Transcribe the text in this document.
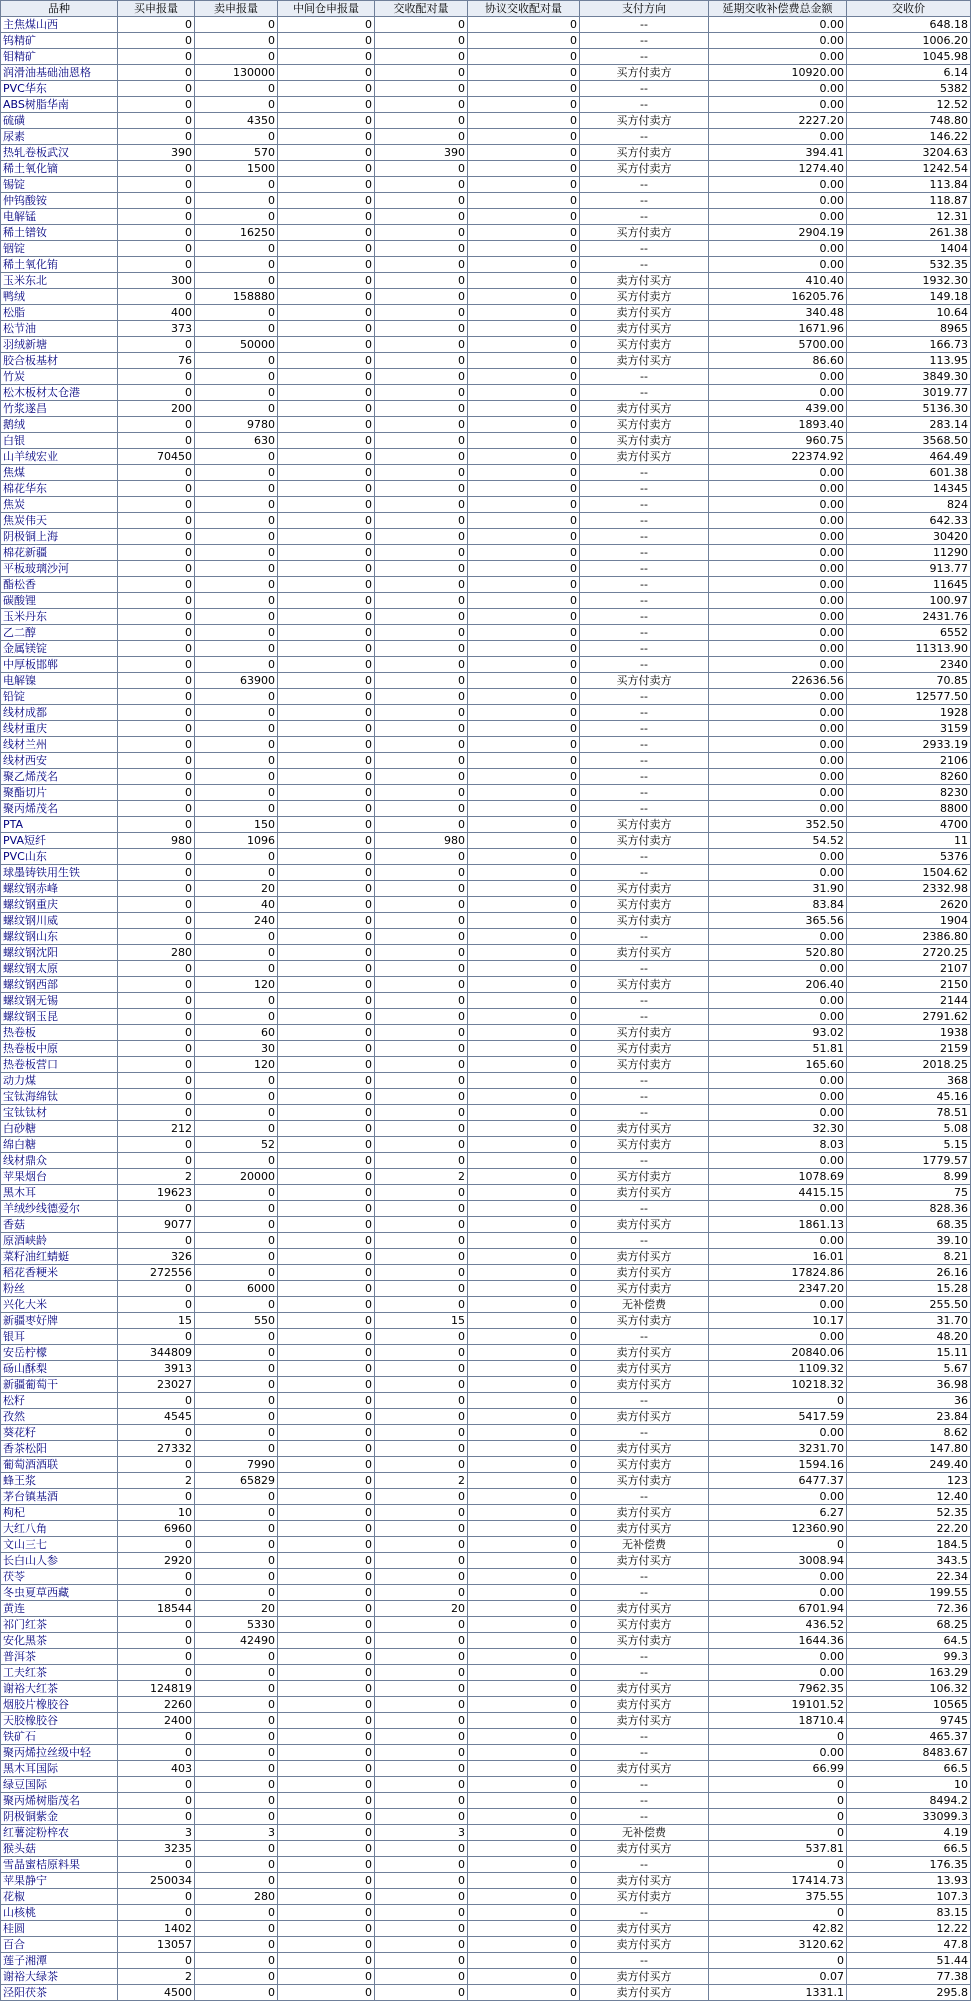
品种	买申报量	卖申报量	中间仓申报量	交收配对量	协议交收配对量	支付方向	延期交收补偿费总金额	交收价
主焦煤山西	0	0	0	0	0	--	0.00	648.18
钨精矿	0	0	0	0	0	--	0.00	1006.20
钼精矿	0	0	0	0	0	--	0.00	1045.98
润滑油基础油恩格	0	130000	0	0	0	买方付卖方	10920.00	6.14
PVC华东	0	0	0	0	0	--	0.00	5382
ABS树脂华南	0	0	0	0	0	--	0.00	12.52
硫磺	0	4350	0	0	0	买方付卖方	2227.20	748.80
尿素	0	0	0	0	0	--	0.00	146.22
热轧卷板武汉	390	570	0	390	0	买方付卖方	394.41	3204.63
稀土氧化镝	0	1500	0	0	0	买方付卖方	1274.40	1242.54
锡锭	0	0	0	0	0	--	0.00	113.84
仲钨酸铵	0	0	0	0	0	--	0.00	118.87
电解锰	0	0	0	0	0	--	0.00	12.31
稀土镨钕	0	16250	0	0	0	买方付卖方	2904.19	261.38
铟锭	0	0	0	0	0	--	0.00	1404
稀土氧化铕	0	0	0	0	0	--	0.00	532.35
玉米东北	300	0	0	0	0	卖方付买方	410.40	1932.30
鸭绒	0	158880	0	0	0	买方付卖方	16205.76	149.18
松脂	400	0	0	0	0	卖方付买方	340.48	10.64
松节油	373	0	0	0	0	卖方付买方	1671.96	8965
羽绒新塘	0	50000	0	0	0	买方付卖方	5700.00	166.73
胶合板基材	76	0	0	0	0	卖方付买方	86.60	113.95
竹炭	0	0	0	0	0	--	0.00	3849.30
松木板材太仓港	0	0	0	0	0	--	0.00	3019.77
竹浆遂昌	200	0	0	0	0	卖方付买方	439.00	5136.30
鹅绒	0	9780	0	0	0	买方付卖方	1893.40	283.14
白银	0	630	0	0	0	买方付卖方	960.75	3568.50
山羊绒宏业	70450	0	0	0	0	卖方付买方	22374.92	464.49
焦煤	0	0	0	0	0	--	0.00	601.38
棉花华东	0	0	0	0	0	--	0.00	14345
焦炭	0	0	0	0	0	--	0.00	824
焦炭伟天	0	0	0	0	0	--	0.00	642.33
阴极铜上海	0	0	0	0	0	--	0.00	30420
棉花新疆	0	0	0	0	0	--	0.00	11290
平板玻璃沙河	0	0	0	0	0	--	0.00	913.77
酯松香	0	0	0	0	0	--	0.00	11645
碳酸锂	0	0	0	0	0	--	0.00	100.97
玉米丹东	0	0	0	0	0	--	0.00	2431.76
乙二醇	0	0	0	0	0	--	0.00	6552
金属镁锭	0	0	0	0	0	--	0.00	11313.90
中厚板邯郸	0	0	0	0	0	--	0.00	2340
电解镍	0	63900	0	0	0	买方付卖方	22636.56	70.85
铅锭	0	0	0	0	0	--	0.00	12577.50
线材成都	0	0	0	0	0	--	0.00	1928
线材重庆	0	0	0	0	0	--	0.00	3159
线材兰州	0	0	0	0	0	--	0.00	2933.19
线材西安	0	0	0	0	0	--	0.00	2106
聚乙烯茂名	0	0	0	0	0	--	0.00	8260
聚酯切片	0	0	0	0	0	--	0.00	8230
聚丙烯茂名	0	0	0	0	0	--	0.00	8800
PTA	0	150	0	0	0	买方付卖方	352.50	4700
PVA短纤	980	1096	0	980	0	买方付卖方	54.52	11
PVC山东	0	0	0	0	0	--	0.00	5376
球墨铸铁用生铁	0	0	0	0	0	--	0.00	1504.62
螺纹钢赤峰	0	20	0	0	0	买方付卖方	31.90	2332.98
螺纹钢重庆	0	40	0	0	0	买方付卖方	83.84	2620
螺纹钢川威	0	240	0	0	0	买方付卖方	365.56	1904
螺纹钢山东	0	0	0	0	0	--	0.00	2386.80
螺纹钢沈阳	280	0	0	0	0	卖方付买方	520.80	2720.25
螺纹钢太原	0	0	0	0	0	--	0.00	2107
螺纹钢西部	0	120	0	0	0	买方付卖方	206.40	2150
螺纹钢无锡	0	0	0	0	0	--	0.00	2144
螺纹钢玉昆	0	0	0	0	0	--	0.00	2791.62
热卷板	0	60	0	0	0	买方付卖方	93.02	1938
热卷板中原	0	30	0	0	0	买方付卖方	51.81	2159
热卷板营口	0	120	0	0	0	买方付卖方	165.60	2018.25
动力煤	0	0	0	0	0	--	0.00	368
宝钛海绵钛	0	0	0	0	0	--	0.00	45.16
宝钛钛材	0	0	0	0	0	--	0.00	78.51
白砂糖	212	0	0	0	0	卖方付买方	32.30	5.08
绵白糖	0	52	0	0	0	买方付卖方	8.03	5.15
线材鼎众	0	0	0	0	0	--	0.00	1779.57
苹果烟台	2	20000	0	2	0	买方付卖方	1078.69	8.99
黑木耳	19623	0	0	0	0	卖方付买方	4415.15	75
羊绒纱线德爱尔	0	0	0	0	0	--	0.00	828.36
香菇	9077	0	0	0	0	卖方付买方	1861.13	68.35
原酒峡龄	0	0	0	0	0	--	0.00	39.10
菜籽油红蜻蜓	326	0	0	0	0	卖方付买方	16.01	8.21
稻花香粳米	272556	0	0	0	0	卖方付买方	17824.86	26.16
粉丝	0	6000	0	0	0	买方付卖方	2347.20	15.28
兴化大米	0	0	0	0	0	无补偿费	0.00	255.50
新疆枣好牌	15	550	0	15	0	买方付卖方	10.17	31.70
银耳	0	0	0	0	0	--	0.00	48.20
安岳柠檬	344809	0	0	0	0	卖方付买方	20840.06	15.11
砀山酥梨	3913	0	0	0	0	卖方付买方	1109.32	5.67
新疆葡萄干	23027	0	0	0	0	卖方付买方	10218.32	36.98
松籽	0	0	0	0	0	--	0	36
孜然	4545	0	0	0	0	卖方付买方	5417.59	23.84
葵花籽	0	0	0	0	0	--	0.00	8.62
香茶松阳	27332	0	0	0	0	卖方付买方	3231.70	147.80
葡萄酒酒联	0	7990	0	0	0	买方付卖方	1594.16	249.40
蜂王浆	2	65829	0	2	0	买方付卖方	6477.37	123
茅台镇基酒	0	0	0	0	0	--	0.00	12.40
枸杞	10	0	0	0	0	卖方付买方	6.27	52.35
大红八角	6960	0	0	0	0	卖方付买方	12360.90	22.20
文山三七	0	0	0	0	0	无补偿费	0	184.5
长白山人参	2920	0	0	0	0	卖方付买方	3008.94	343.5
茯苓	0	0	0	0	0	--	0.00	22.34
冬虫夏草西藏	0	0	0	0	0	--	0.00	199.55
黄连	18544	20	0	20	0	卖方付买方	6701.94	72.36
祁门红茶	0	5330	0	0	0	买方付卖方	436.52	68.25
安化黑茶	0	42490	0	0	0	买方付卖方	1644.36	64.5
普洱茶	0	0	0	0	0	--	0.00	99.3
工夫红茶	0	0	0	0	0	--	0.00	163.29
谢裕大红茶	124819	0	0	0	0	卖方付买方	7962.35	106.32
烟胶片橡胶谷	2260	0	0	0	0	卖方付买方	19101.52	10565
天胶橡胶谷	2400	0	0	0	0	卖方付买方	18710.4	9745
铁矿石	0	0	0	0	0	--	0	465.37
聚丙烯拉丝级中轻	0	0	0	0	0	--	0.00	8483.67
黑木耳国际	403	0	0	0	0	卖方付买方	66.99	66.5
绿豆国际	0	0	0	0	0	--	0	10
聚丙烯树脂茂名	0	0	0	0	0	--	0	8494.2
阴极铜紫金	0	0	0	0	0	--	0	33099.3
红薯淀粉梓农	3	3	0	3	0	无补偿费	0	4.19
猴头菇	3235	0	0	0	0	卖方付买方	537.81	66.5
雪晶蜜桔原料果	0	0	0	0	0	--	0	176.35
苹果静宁	250034	0	0	0	0	卖方付买方	17414.73	13.93
花椒	0	280	0	0	0	买方付卖方	375.55	107.3
山核桃	0	0	0	0	0	--	0	83.15
桂圆	1402	0	0	0	0	卖方付买方	42.82	12.22
百合	13057	0	0	0	0	卖方付买方	3120.62	47.8
莲子湘潭	0	0	0	0	0	--	0	51.44
谢裕大绿茶	2	0	0	0	0	卖方付买方	0.07	77.38
泾阳茯茶	4500	0	0	0	0	卖方付买方	1331.1	295.8
